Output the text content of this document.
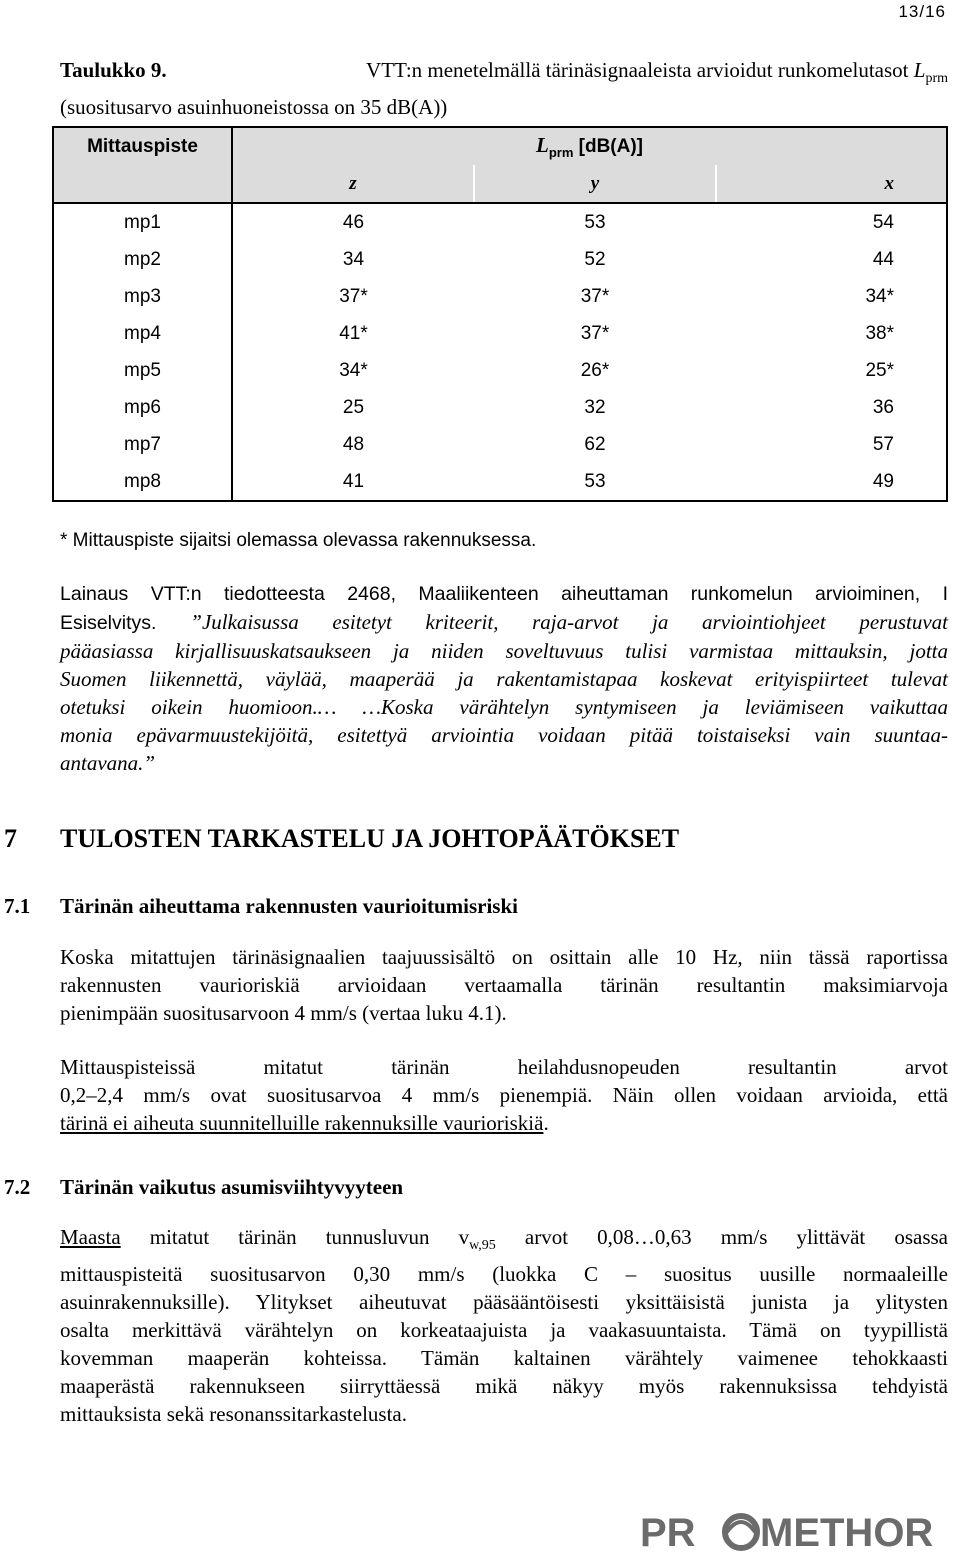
13/16
Taulukko 9.	VTT:n menetelmällä tärinäsignaaleista arvioidut runkomelutasot $L_{prm}$
(suositusarvo asuinhuoneistossa on 35 dB(A))
Mittauspiste	$L_{prm}$ [dB(A)]		
	z	y	x
mp1	46	53	54
mp2	34	52	44
mp3	37*	37*	34*
mp4	41*	37*	38*
mp5	34*	26*	25*
mp6	25	32	36
mp7	48	62	57
mp8	41	53	49
* Mittauspiste sijaitsi olemassa olevassa rakennuksessa.
Lainaus VTT:n tiedotteesta 2468, Maaliikenteen aiheuttaman runkomelun arvioiminen, I
Esiselvitys. ”Julkaisussa esitetyt kriteerit, raja-arvot ja arviointiohjeet perustuvat
pääasiassa kirjallisuuskatsaukseen ja niiden soveltuvuus tulisi varmistaa mittauksin, jotta
Suomen liikennettä, väylää, maaperää ja rakentamistapaa koskevat erityispiirteet tulevat
otetuksi oikein huomioon.… …Koska värähtelyn syntymiseen ja leviämiseen vaikuttaa
monia epävarmuustekijöitä, esitettyä arviointia voidaan pitää toistaiseksi vain suuntaa-
antavana.”
7 TULOSTEN TARKASTELU JA JOHTOPÄÄTÖKSET
7.1 Tärinän aiheuttama rakennusten vaurioitumisriski
Koska mitattujen tärinäsignaalien taajuussisältö on osittain alle 10 Hz, niin tässä raportissa
rakennusten vaurioriskiä arvioidaan vertaamalla tärinän resultantin maksimiarvoja
pienimpään suositusarvoon 4 mm/s (vertaa luku 4.1).
Mittauspisteissä mitatut tärinän heilahdusnopeuden resultantin arvot
0,2–2,4 mm/s ovat suositusarvoa 4 mm/s pienempiä. Näin ollen voidaan arvioida, että
tärinä ei aiheuta suunnitelluille rakennuksille vaurioriskiä.
7.2 Tärinän vaikutus asumisviihtyvyyteen
Maasta mitatut tärinän tunnusluvun $v_{w,95}$ arvot 0,08…0,63 mm/s ylittävät osassa
mittauspisteitä suositusarvon 0,30 mm/s (luokka C – suositus uusille normaaleille
asuinrakennuksille). Ylitykset aiheutuvat pääsääntöisesti yksittäisistä junista ja ylitysten
osalta merkittävä värähtelyn on korkeataajuista ja vaakasuuntaista. Tämä on tyypillistä
kovemman maaperän kohteissa. Tämän kaltainen värähtely vaimenee tehokkaasti
maaperästä rakennukseen siirryttäessä mikä näkyy myös rakennuksissa tehdyistä
mittauksista sekä resonanssitarkastelusta.
PR METHOR
